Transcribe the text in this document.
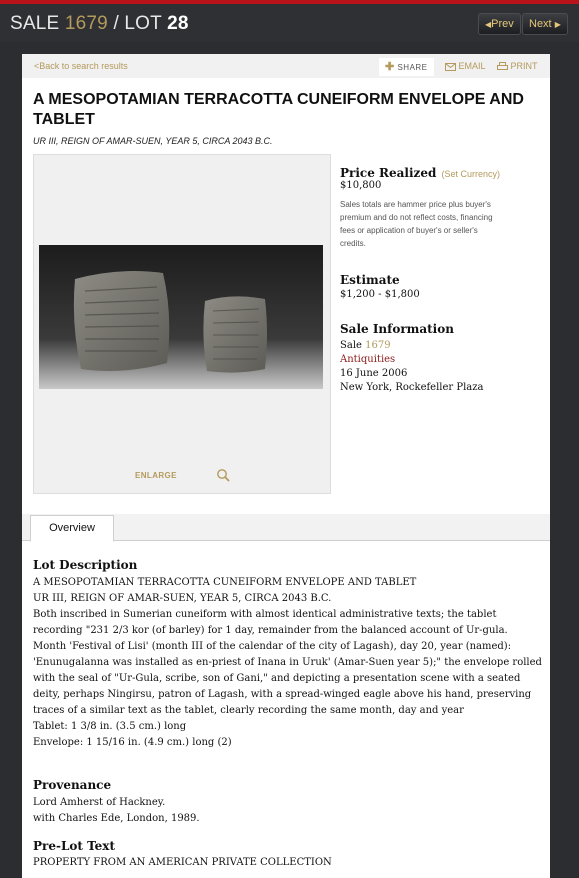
SALE 1679 / LOT 28	◀Prev	Next ▶
<Back to search results	✚ SHARE	EMAIL	PRINT
A MESOPOTAMIAN TERRACOTTA CUNEIFORM ENVELOPE AND TABLET
UR III, REIGN OF AMAR-SUEN, YEAR 5, CIRCA 2043 B.C.
ENLARGE
Price Realized (Set Currency)
$10,800
Sales totals are hammer price plus buyer's premium and do not reflect costs, financing fees or application of buyer's or seller's credits.
Estimate
$1,200 - $1,800
Sale Information
Sale 1679
Antiquities
16 June 2006
New York, Rockefeller Plaza
Overview
Lot Description

A MESOPOTAMIAN TERRACOTTA CUNEIFORM ENVELOPE AND TABLET

UR III, REIGN OF AMAR-SUEN, YEAR 5, CIRCA 2043 B.C.

Both inscribed in Sumerian cuneiform with almost identical administrative texts; the tablet recording "231 2/3 kor (of barley) for 1 day, remainder from the balanced account of Ur-gula. Month 'Festival of Lisi' (month III of the calendar of the city of Lagash), day 20, year (named): 'Enunugalanna was installed as en-priest of Inana in Uruk' (Amar-Suen year 5);" the envelope rolled with the seal of "Ur-Gula, scribe, son of Gani," and depicting a presentation scene with a seated deity, perhaps Ningirsu, patron of Lagash, with a spread-winged eagle above his hand, preserving traces of a similar text as the tablet, clearly recording the same month, day and year

Tablet: 1 3/8 in. (3.5 cm.) long

Envelope: 1 15/16 in. (4.9 cm.) long (2)

Provenance

Lord Amherst of Hackney.

with Charles Ede, London, 1989.

Pre-Lot Text
PROPERTY FROM AN AMERICAN PRIVATE COLLECTION
